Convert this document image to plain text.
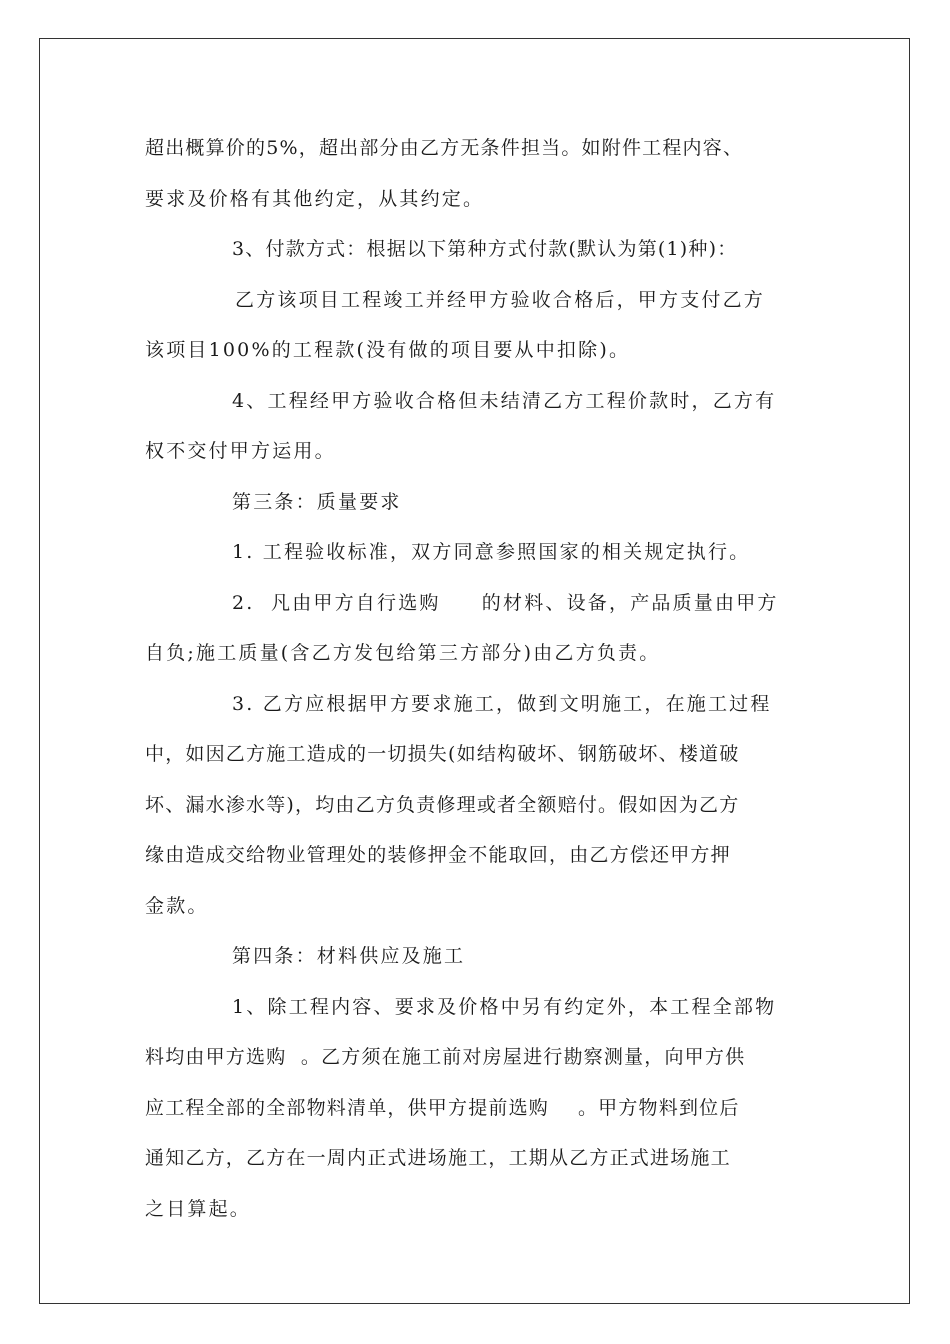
超出概算价的5%，超出部分由乙方无条件担当。如附件工程内容、
要求及价格有其他约定，从其约定。
3、付款方式：根据以下第种方式付款(默认为第(1)种)：
乙方该项目工程竣工并经甲方验收合格后，甲方支付乙方
该项目100%的工程款(没有做的项目要从中扣除)。
4、工程经甲方验收合格但未结清乙方工程价款时，乙方有
权不交付甲方运用。
第三条：质量要求
1. 工程验收标准，双方同意参照国家的相关规定执行。
2.  凡由甲方自行选购     的材料、设备，产品质量由甲方
自负;施工质量(含乙方发包给第三方部分)由乙方负责。
3. 乙方应根据甲方要求施工，做到文明施工，在施工过程
中，如因乙方施工造成的一切损失(如结构破坏、钢筋破坏、楼道破
坏、漏水渗水等)，均由乙方负责修理或者全额赔付。假如因为乙方
缘由造成交给物业管理处的装修押金不能取回，由乙方偿还甲方押
金款。
第四条：材料供应及施工
1、除工程内容、要求及价格中另有约定外，本工程全部物
料均由甲方选购  。乙方须在施工前对房屋进行勘察测量，向甲方供
应工程全部的全部物料清单，供甲方提前选购    。甲方物料到位后
通知乙方，乙方在一周内正式进场施工，工期从乙方正式进场施工
之日算起。
